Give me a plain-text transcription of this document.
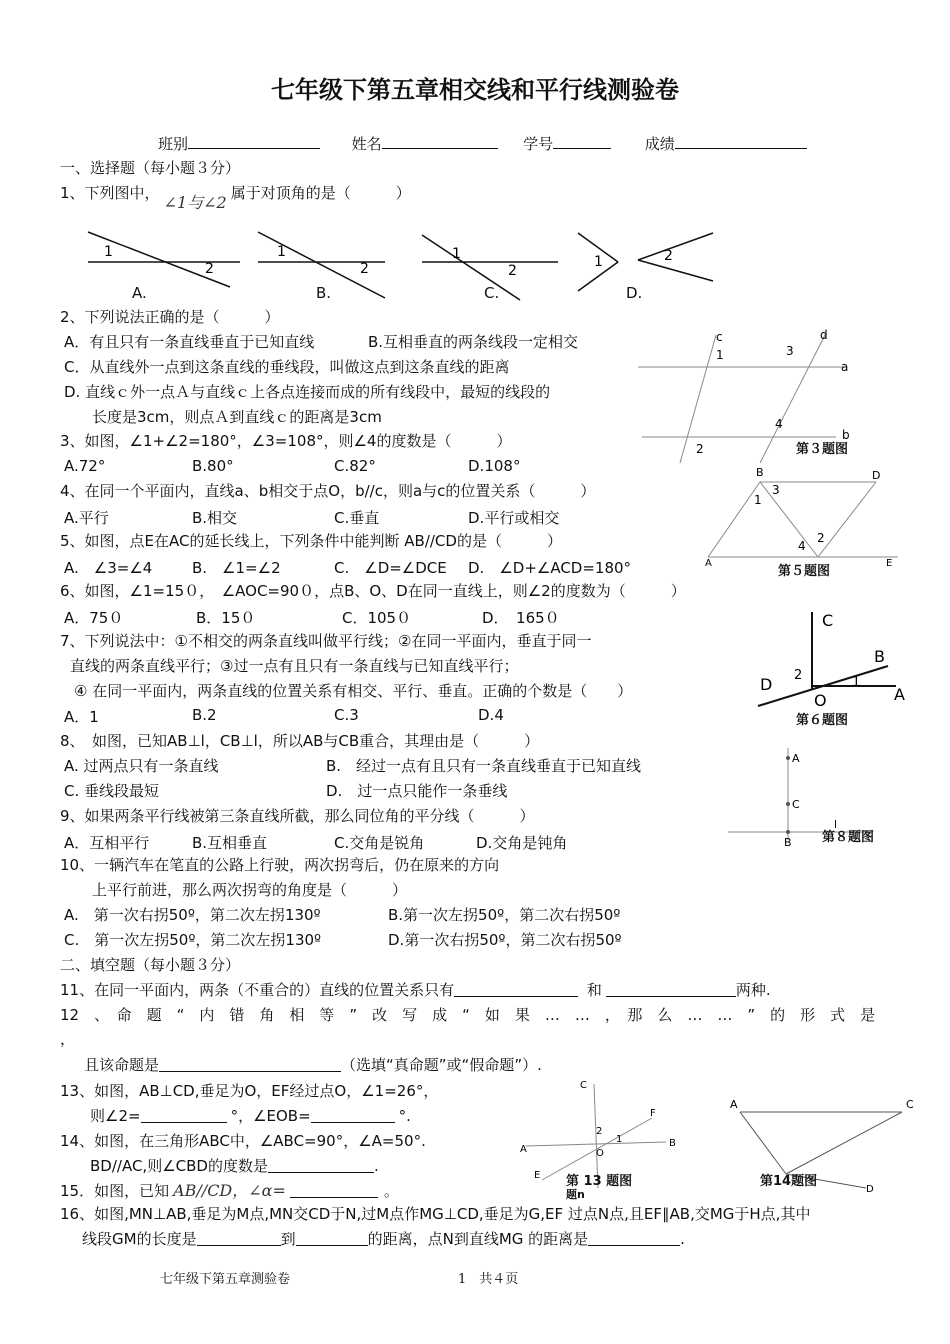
七年级下第五章相交线和平行线测验卷
班别	姓名	学号	成绩
一、选择题（每小题３分）
1、下列图中， ∠1与∠2 属于对顶角的是（　　　）
1
2
1
2
1
2
1	2
A.	B.	C.	D.
2、下列说法正确的是（　　　）
A．有且只有一条直线垂直于已知直线	B.互相垂直的两条线段一定相交
C．从直线外一点到这条直线的垂线段，叫做这点到这条直线的距离
D. 直线ｃ外一点Ａ与直线ｃ上各点连接而成的所有线段中，最短的线段的
长度是3cm，则点Ａ到直线ｃ的距离是3cm
3、如图，∠1+∠2=180°，∠3=108°，则∠4的度数是（　　　）
A.72°	B.80°	C.82°	D.108°
4、在同一个平面内，直线a、b相交于点O，b//c，则a与c的位置关系（　　　）
A.平行	B.相交	C.垂直	D.平行或相交
5、如图，点E在AC的延长线上，下列条件中能判断 AB//CD的是（　　　）
A.　∠3=∠4	B.　∠1=∠2	C.　∠D=∠DCE D.　∠D+∠ACD=180°
6、如图，∠1=15０，　∠AOC=90０，点B、O、D在同一直线上，则∠2的度数为（　　　）
A．75０	B．15０	C．105０	D．　165０
7、下列说法中：①不相交的两条直线叫做平行线；②在同一平面内，垂直于同一
直线的两条直线平行；③过一点有且只有一条直线与已知直线平行；
④ 在同一平面内，两条直线的位置关系有相交、平行、垂直。正确的个数是（　　）
A．1	B.2	C.3	D.4
8、　如图，已知AB⊥l，CB⊥l，所以AB与CB重合，其理由是（　　　）
A. 过两点只有一条直线	B.　经过一点有且只有一条直线垂直于已知直线
C. 垂线段最短	D.　过一点只能作一条垂线
9、如果两条平行线被第三条直线所截，那么同位角的平分线（　　　）
A．互相平行	B.互相垂直	C.交角是锐角	D.交角是钝角
10、一辆汽车在笔直的公路上行驶，两次拐弯后，仍在原来的方向
上平行前进，那么两次拐弯的角度是（　　　）
A.　第一次右拐50º，第二次左拐130º	B.第一次左拐50º，第二次右拐50º
C.　第一次左拐50º，第二次左拐130º	D.第一次右拐50º，第二次右拐50º
二、填空题（每小题３分）
11、在同一平面内，两条（不重合的）直线的位置关系只有	和	两种.
12　、　命　题　“　内　错　角　相　等　”　改　写　成　“　如　果　…　…　，　那　么　…　…　”　的　形　式　是
，
且该命题是	（选填“真命题”或“假命题”）.
13、如图，AB⊥CD,垂足为O，EF经过点O，∠1=26°，
则∠2=	°，∠EOB=	°.
14、如图，在三角形ABC中，∠ABC=90°，∠A=50°.
BD//AC,则∠CBD的度数是	.
15．如图，已知 AB//CD，∠α=	。
16、如图,MN⊥AB,垂足为M点,MN交CD于N,过M点作MG⊥CD,垂足为G,EF 过点N点,且EF∥AB,交MG于H点,其中
线段GM的长度是	到	的距离，点N到直线MG 的距离是	.
c	d
a
b
1	3
2
4
第３题图
B	D
A	E
1
3
2
4
第５题图
C
B
D
O	A
1
2
第６题图
A
C
B
l
第８题图
C
F
A
B
E
O
1
2
第 13 题图
题n
A	C
D
第14题图
七年级下第五章测验卷	1　共４页
